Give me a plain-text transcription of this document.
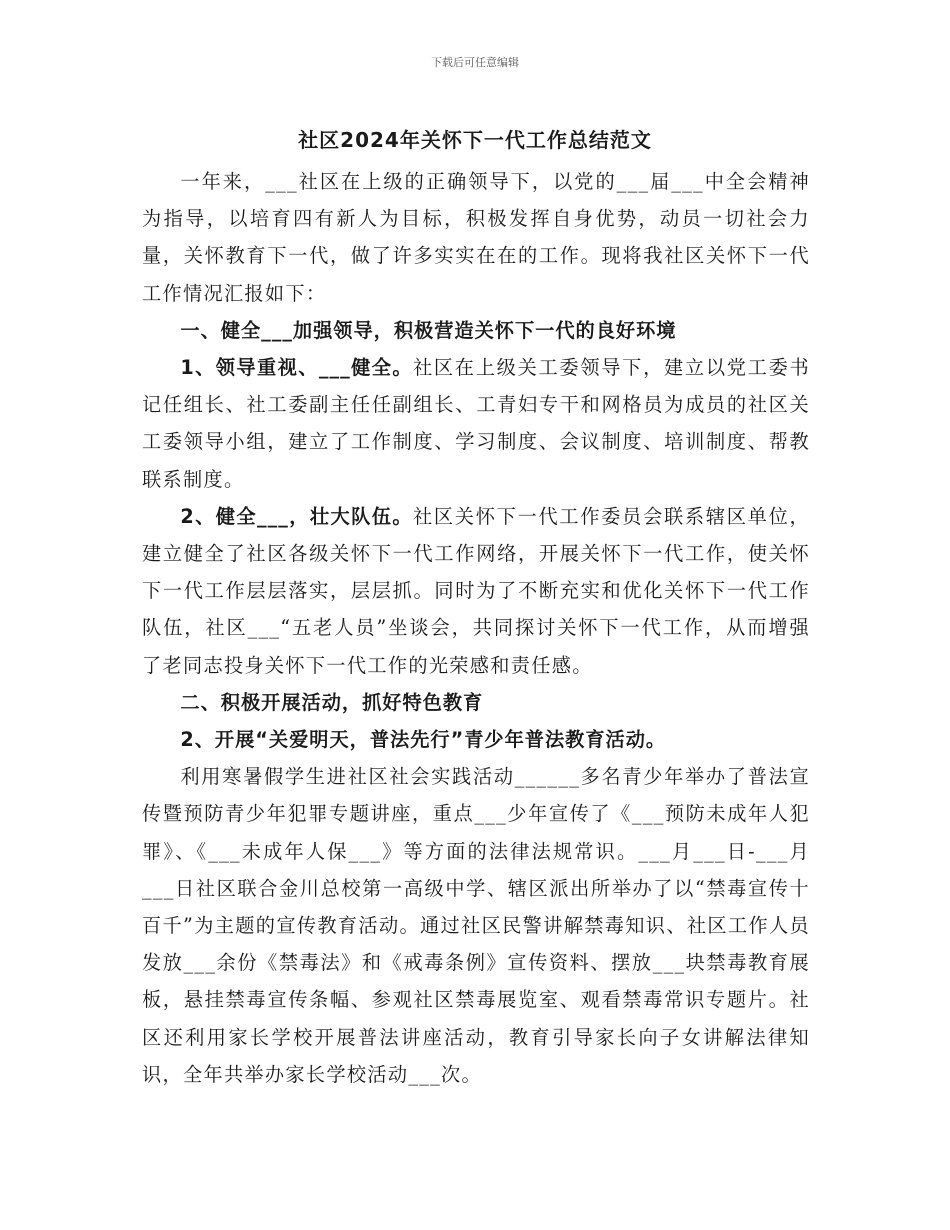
下载后可任意编辑
社区2024年关怀下一代工作总结范文

一年来，___社区在上级的正确领导下，以党的___届___中全会精神为指导，以培育四有新人为目标，积极发挥自身优势，动员一切社会力量，关怀教育下一代，做了许多实实在在的工作。现将我社区关怀下一代工作情况汇报如下：

一、健全___加强领导，积极营造关怀下一代的良好环境

1、领导重视、___健全。社区在上级关工委领导下，建立以党工委书记任组长、社工委副主任任副组长、工青妇专干和网格员为成员的社区关工委领导小组，建立了工作制度、学习制度、会议制度、培训制度、帮教联系制度。

2、健全___，壮大队伍。社区关怀下一代工作委员会联系辖区单位，建立健全了社区各级关怀下一代工作网络，开展关怀下一代工作，使关怀下一代工作层层落实，层层抓。同时为了不断充实和优化关怀下一代工作队伍，社区___“五老人员”坐谈会，共同探讨关怀下一代工作，从而增强了老同志投身关怀下一代工作的光荣感和责任感。

二、积极开展活动，抓好特色教育

2、开展“关爱明天，普法先行”青少年普法教育活动。

利用寒暑假学生进社区社会实践活动______多名青少年举办了普法宣传暨预防青少年犯罪专题讲座，重点___少年宣传了《___预防未成年人犯罪》、《___未成年人保___》等方面的法律法规常识。___月___日-___月___日社区联合金川总校第一高级中学、辖区派出所举办了以“禁毒宣传十百千”为主题的宣传教育活动。通过社区民警讲解禁毒知识、社区工作人员发放___余份《禁毒法》和《戒毒条例》宣传资料、摆放___块禁毒教育展板，悬挂禁毒宣传条幅、参观社区禁毒展览室、观看禁毒常识专题片。社区还利用家长学校开展普法讲座活动，教育引导家长向子女讲解法律知识，全年共举办家长学校活动___次。
